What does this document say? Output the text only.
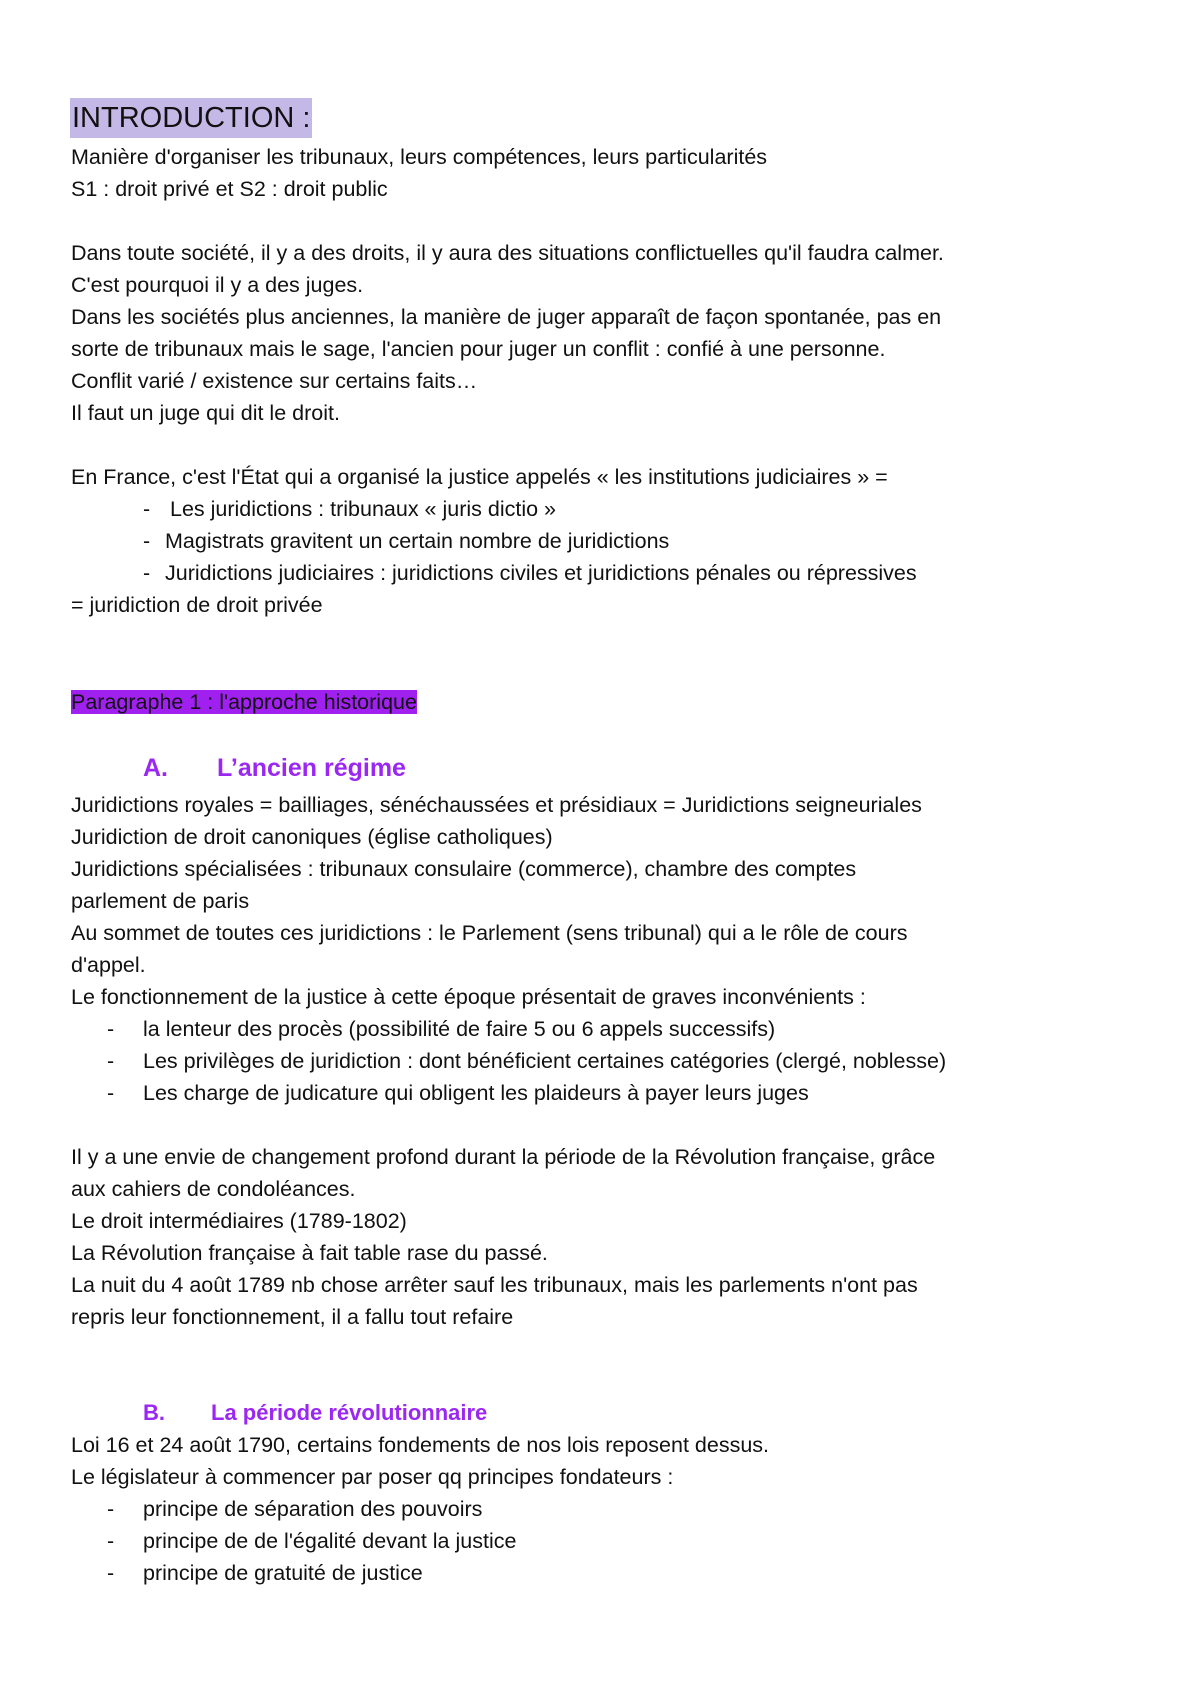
INTRODUCTION :
Manière d'organiser les tribunaux, leurs compétences, leurs particularités
S1 : droit privé et S2 : droit public
Dans toute société, il y a des droits, il y aura des situations conflictuelles qu'il faudra calmer.
C'est pourquoi il y a des juges.
Dans les sociétés plus anciennes, la manière de juger apparaît de façon spontanée, pas en
sorte de tribunaux mais le sage, l'ancien pour juger un conflit : confié à une personne.
Conflit varié / existence sur certains faits…
Il faut un juge qui dit le droit.
En France, c'est l'État qui a organisé la justice appelés « les institutions judiciaires » =
- Les juridictions : tribunaux « juris dictio »
- Magistrats gravitent un certain nombre de juridictions
- Juridictions judiciaires : juridictions civiles et juridictions pénales ou répressives
= juridiction de droit privée
Paragraphe 1 : l'approche historique
A. L’ancien régime
Juridictions royales = bailliages, sénéchaussées et présidiaux = Juridictions seigneuriales
Juridiction de droit canoniques (église catholiques)
Juridictions spécialisées : tribunaux consulaire (commerce), chambre des comptes
parlement de paris
Au sommet de toutes ces juridictions : le Parlement (sens tribunal) qui a le rôle de cours
d'appel.
Le fonctionnement de la justice à cette époque présentait de graves inconvénients :
- la lenteur des procès (possibilité de faire 5 ou 6 appels successifs)
- Les privilèges de juridiction : dont bénéficient certaines catégories (clergé, noblesse)
- Les charge de judicature qui obligent les plaideurs à payer leurs juges
Il y a une envie de changement profond durant la période de la Révolution française, grâce
aux cahiers de condoléances.
Le droit intermédiaires (1789-1802)
La Révolution française à fait table rase du passé.
La nuit du 4 août 1789 nb chose arrêter sauf les tribunaux, mais les parlements n'ont pas
repris leur fonctionnement, il a fallu tout refaire
B. La période révolutionnaire
Loi 16 et 24 août 1790, certains fondements de nos lois reposent dessus.
Le législateur à commencer par poser qq principes fondateurs :
- principe de séparation des pouvoirs
- principe de de l'égalité devant la justice
- principe de gratuité de justice
